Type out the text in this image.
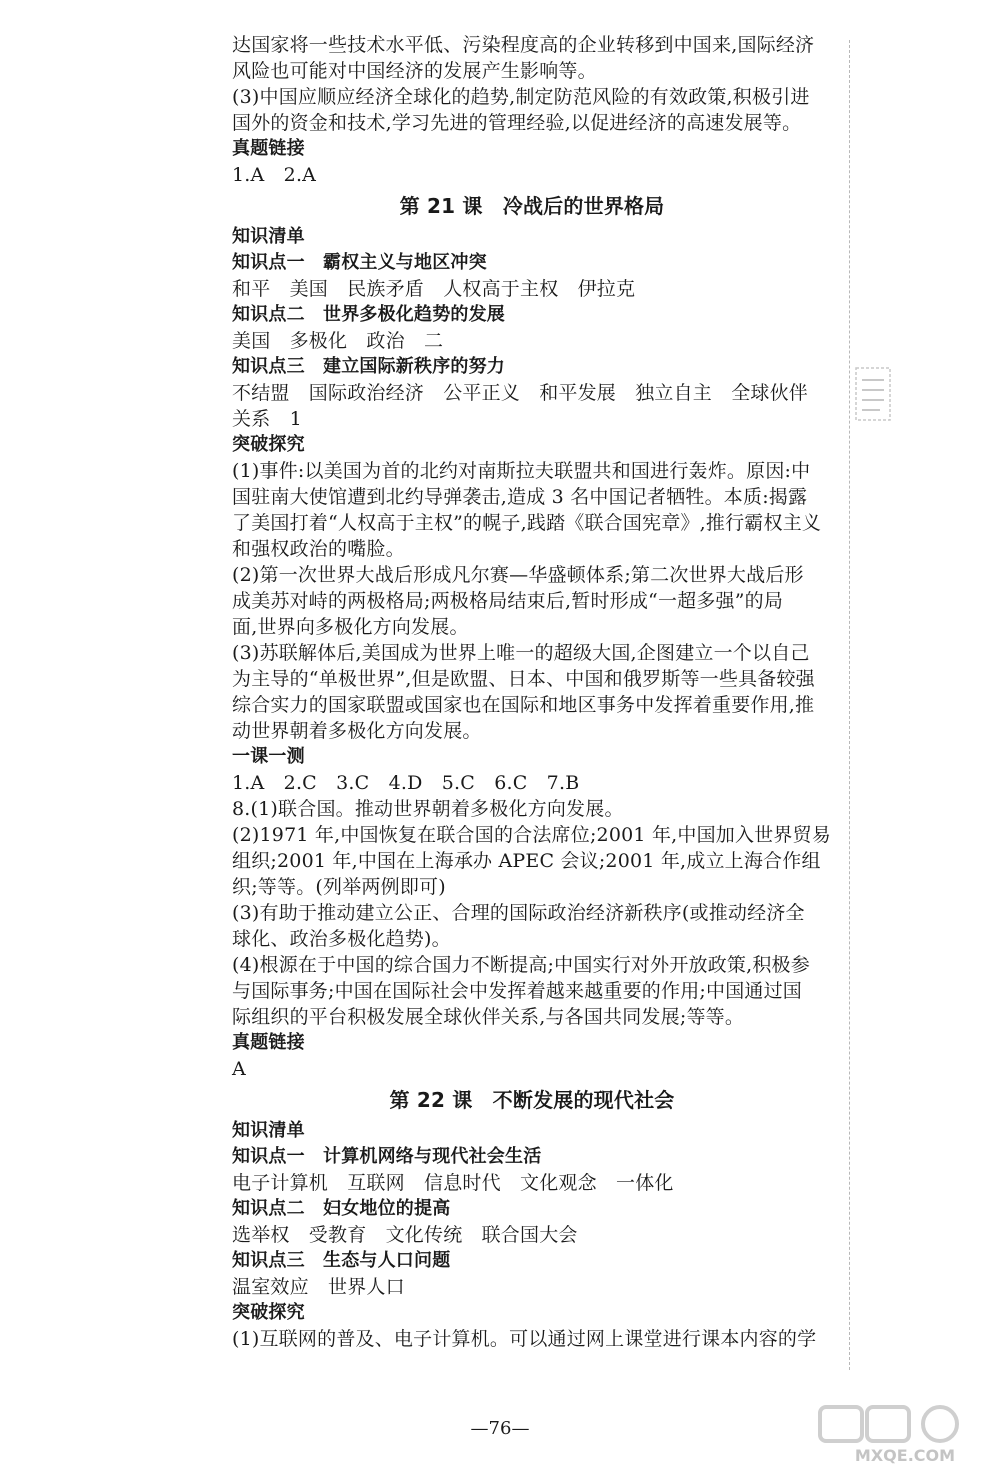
达国家将一些技术水平低、污染程度高的企业转移到中国来,国际经济
风险也可能对中国经济的发展产生影响等。
(3)中国应顺应经济全球化的趋势,制定防范风险的有效政策,积极引进
国外的资金和技术,学习先进的管理经验,以促进经济的高速发展等。
真题链接
1.A　2.A
第 21 课　冷战后的世界格局
知识清单
知识点一　霸权主义与地区冲突
和平　美国　民族矛盾　人权高于主权　伊拉克
知识点二　世界多极化趋势的发展
美国　多极化　政治　二
知识点三　建立国际新秩序的努力
不结盟　国际政治经济　公平正义　和平发展　独立自主　全球伙伴
关系　1
突破探究
(1)事件:以美国为首的北约对南斯拉夫联盟共和国进行轰炸。原因:中
国驻南大使馆遭到北约导弹袭击,造成 3 名中国记者牺牲。本质:揭露
了美国打着“人权高于主权”的幌子,践踏《联合国宪章》,推行霸权主义
和强权政治的嘴脸。
(2)第一次世界大战后形成凡尔赛—华盛顿体系;第二次世界大战后形
成美苏对峙的两极格局;两极格局结束后,暂时形成“一超多强”的局
面,世界向多极化方向发展。
(3)苏联解体后,美国成为世界上唯一的超级大国,企图建立一个以自己
为主导的“单极世界”,但是欧盟、日本、中国和俄罗斯等一些具备较强
综合实力的国家联盟或国家也在国际和地区事务中发挥着重要作用,推
动世界朝着多极化方向发展。
一课一测
1.A　2.C　3.C　4.D　5.C　6.C　7.B
8.(1)联合国。推动世界朝着多极化方向发展。
(2)1971 年,中国恢复在联合国的合法席位;2001 年,中国加入世界贸易
组织;2001 年,中国在上海承办 APEC 会议;2001 年,成立上海合作组
织;等等。(列举两例即可)
(3)有助于推动建立公正、合理的国际政治经济新秩序(或推动经济全
球化、政治多极化趋势)。
(4)根源在于中国的综合国力不断提高;中国实行对外开放政策,积极参
与国际事务;中国在国际社会中发挥着越来越重要的作用;中国通过国
际组织的平台积极发展全球伙伴关系,与各国共同发展;等等。
真题链接
A
第 22 课　不断发展的现代社会
知识清单
知识点一　计算机网络与现代社会生活
电子计算机　互联网　信息时代　文化观念　一体化
知识点二　妇女地位的提高
选举权　受教育　文化传统　联合国大会
知识点三　生态与人口问题
温室效应　世界人口
突破探究
(1)互联网的普及、电子计算机。可以通过网上课堂进行课本内容的学
—76—
MXQE.COM
